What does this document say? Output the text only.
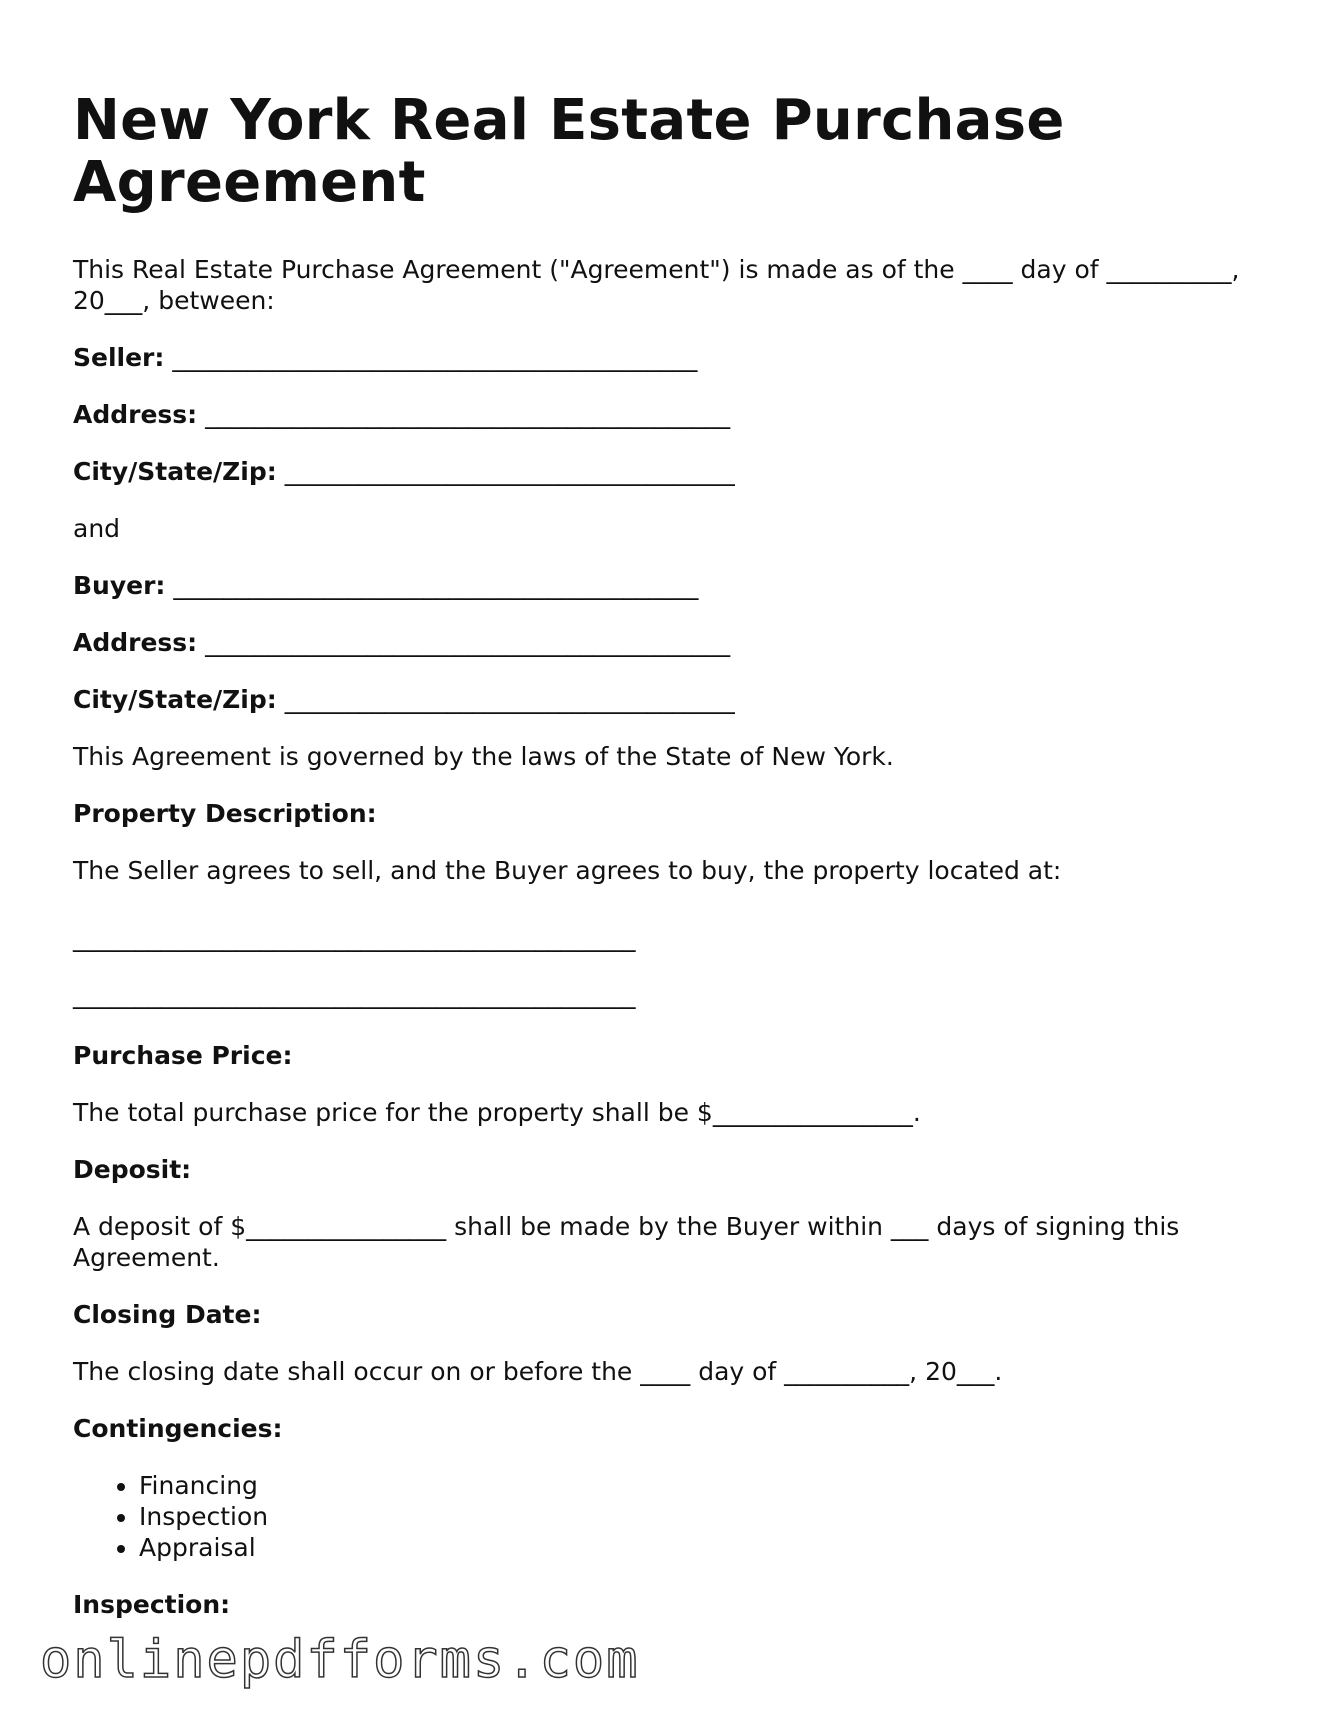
New York Real Estate Purchase Agreement

This Real Estate Purchase Agreement ("Agreement") is made as of the ____ day of __________, 20___, between:

Seller: __________________________________________

Address: __________________________________________

City/State/Zip: ____________________________________

and

Buyer: __________________________________________

Address: __________________________________________

City/State/Zip: ____________________________________

This Agreement is governed by the laws of the State of New York.

Property Description:

The Seller agrees to sell, and the Buyer agrees to buy, the property located at:

_____________________________________________
_____________________________________________

Purchase Price:

The total purchase price for the property shall be $________________.

Deposit:

A deposit of $________________ shall be made by the Buyer within ___ days of signing this Agreement.

Closing Date:

The closing date shall occur on or before the ____ day of __________, 20___.

Contingencies:

• Financing
• Inspection
• Appraisal

Inspection:

onlinepdfforms.com
